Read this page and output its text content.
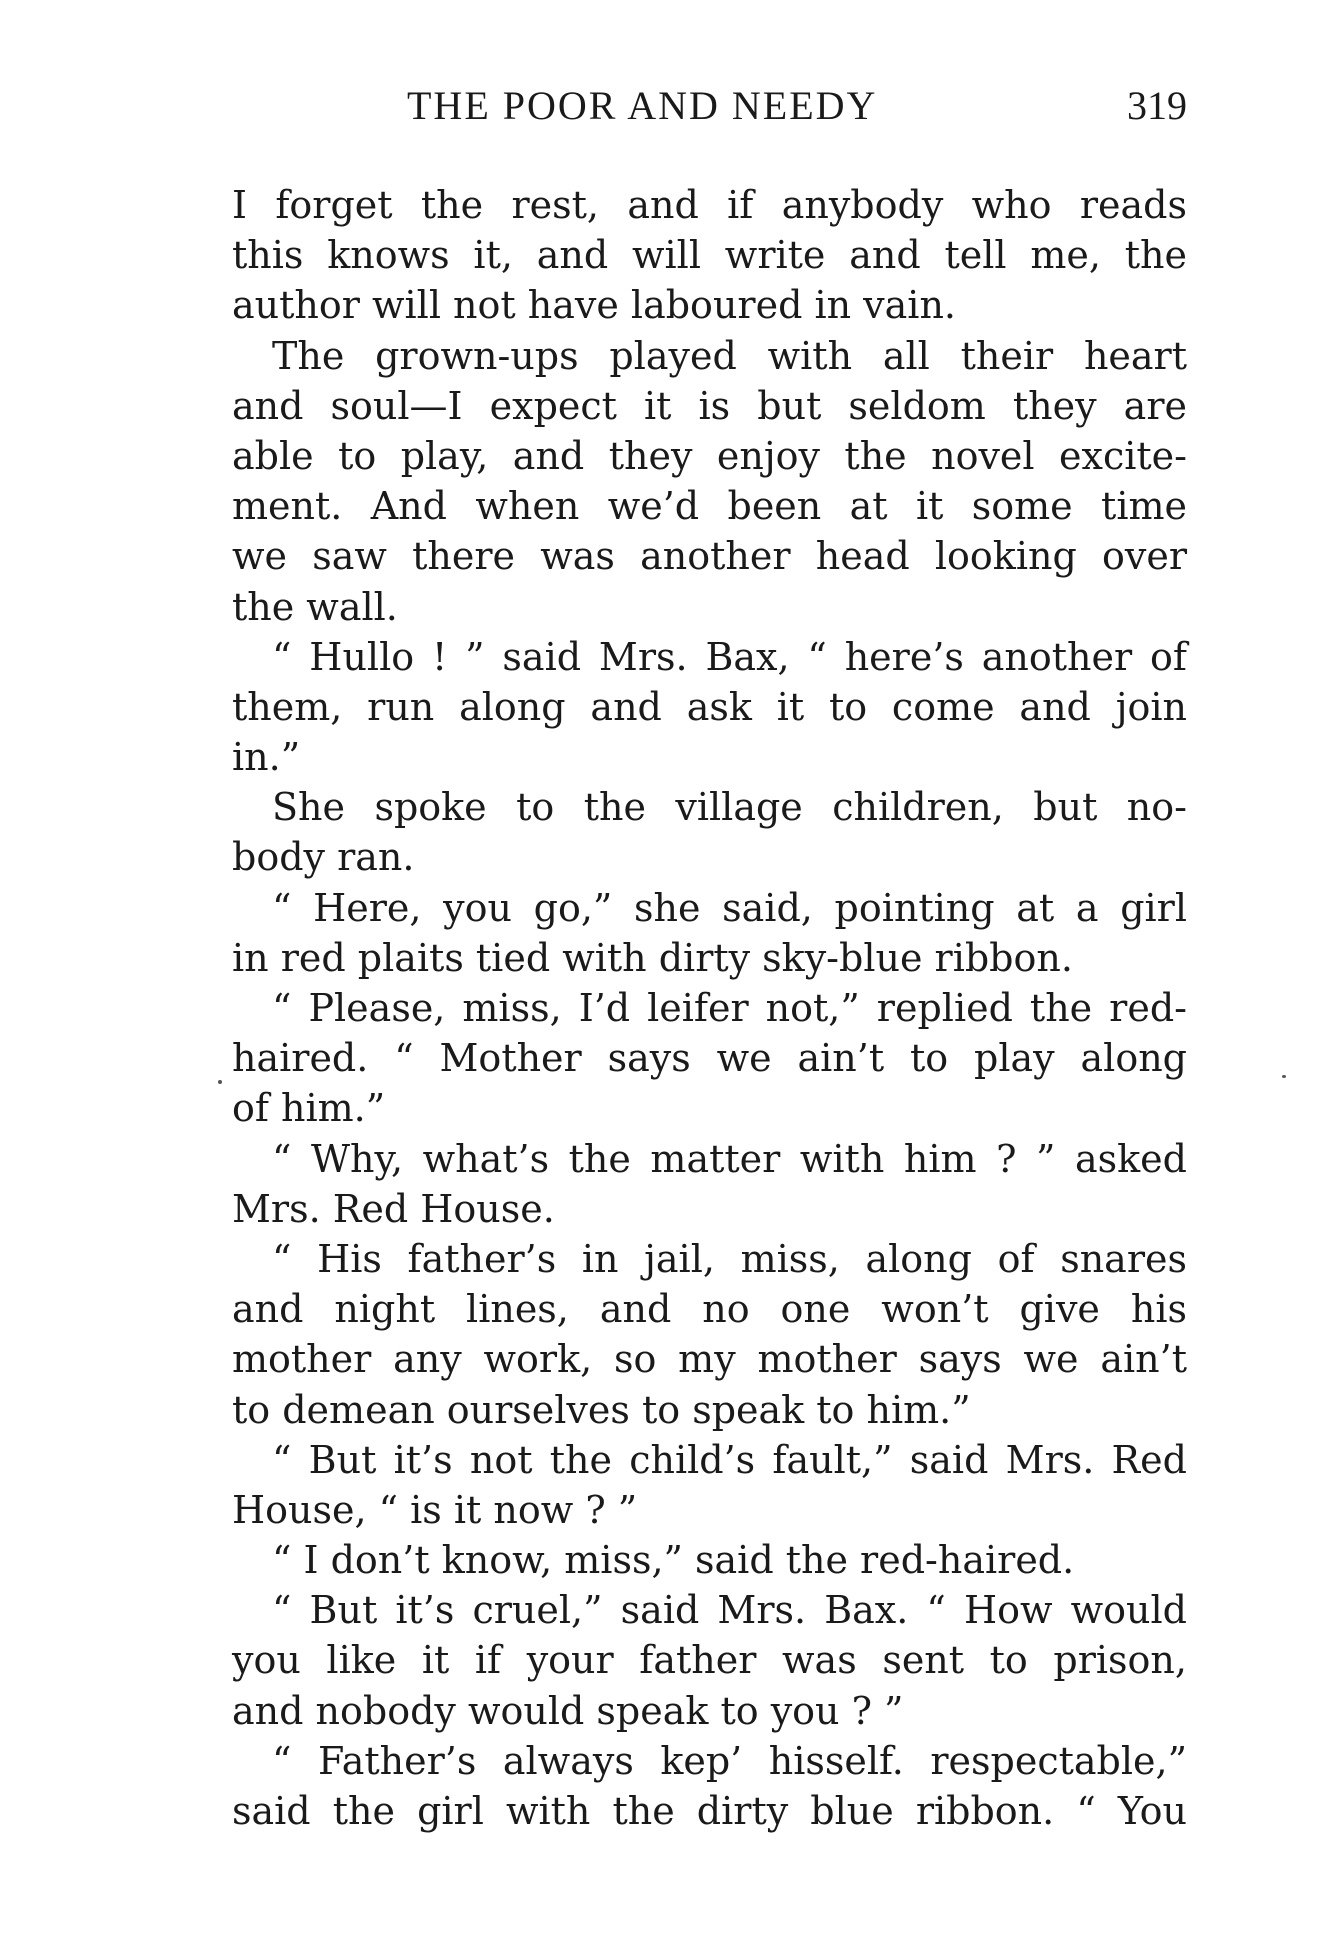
THE POOR AND NEEDY	319
I forget the rest, and if anybody who reads
this knows it, and will write and tell me, the
author will not have laboured in vain.
The grown-ups played with all their heart
and soul—I expect it is but seldom they are
able to play, and they enjoy the novel excite-
ment. And when we’d been at it some time
we saw there was another head looking over
the wall.
“ Hullo ! ” said Mrs. Bax, “ here’s another of
them, run along and ask it to come and join
in.”
She spoke to the village children, but no-
body ran.
“ Here, you go,” she said, pointing at a girl
in red plaits tied with dirty sky-blue ribbon.
“ Please, miss, I’d leifer not,” replied the red-
haired. “ Mother says we ain’t to play along
of him.”
“ Why, what’s the matter with him ? ” asked
Mrs. Red House.
“ His father’s in jail, miss, along of snares
and night lines, and no one won’t give his
mother any work, so my mother says we ain’t
to demean ourselves to speak to him.”
“ But it’s not the child’s fault,” said Mrs. Red
House, “ is it now ? ”
“ I don’t know, miss,” said the red-haired.
“ But it’s cruel,” said Mrs. Bax. “ How would
you like it if your father was sent to prison,
and nobody would speak to you ? ”
“ Father’s always kep’ hisself. respectable,”
said the girl with the dirty blue ribbon. “ You
